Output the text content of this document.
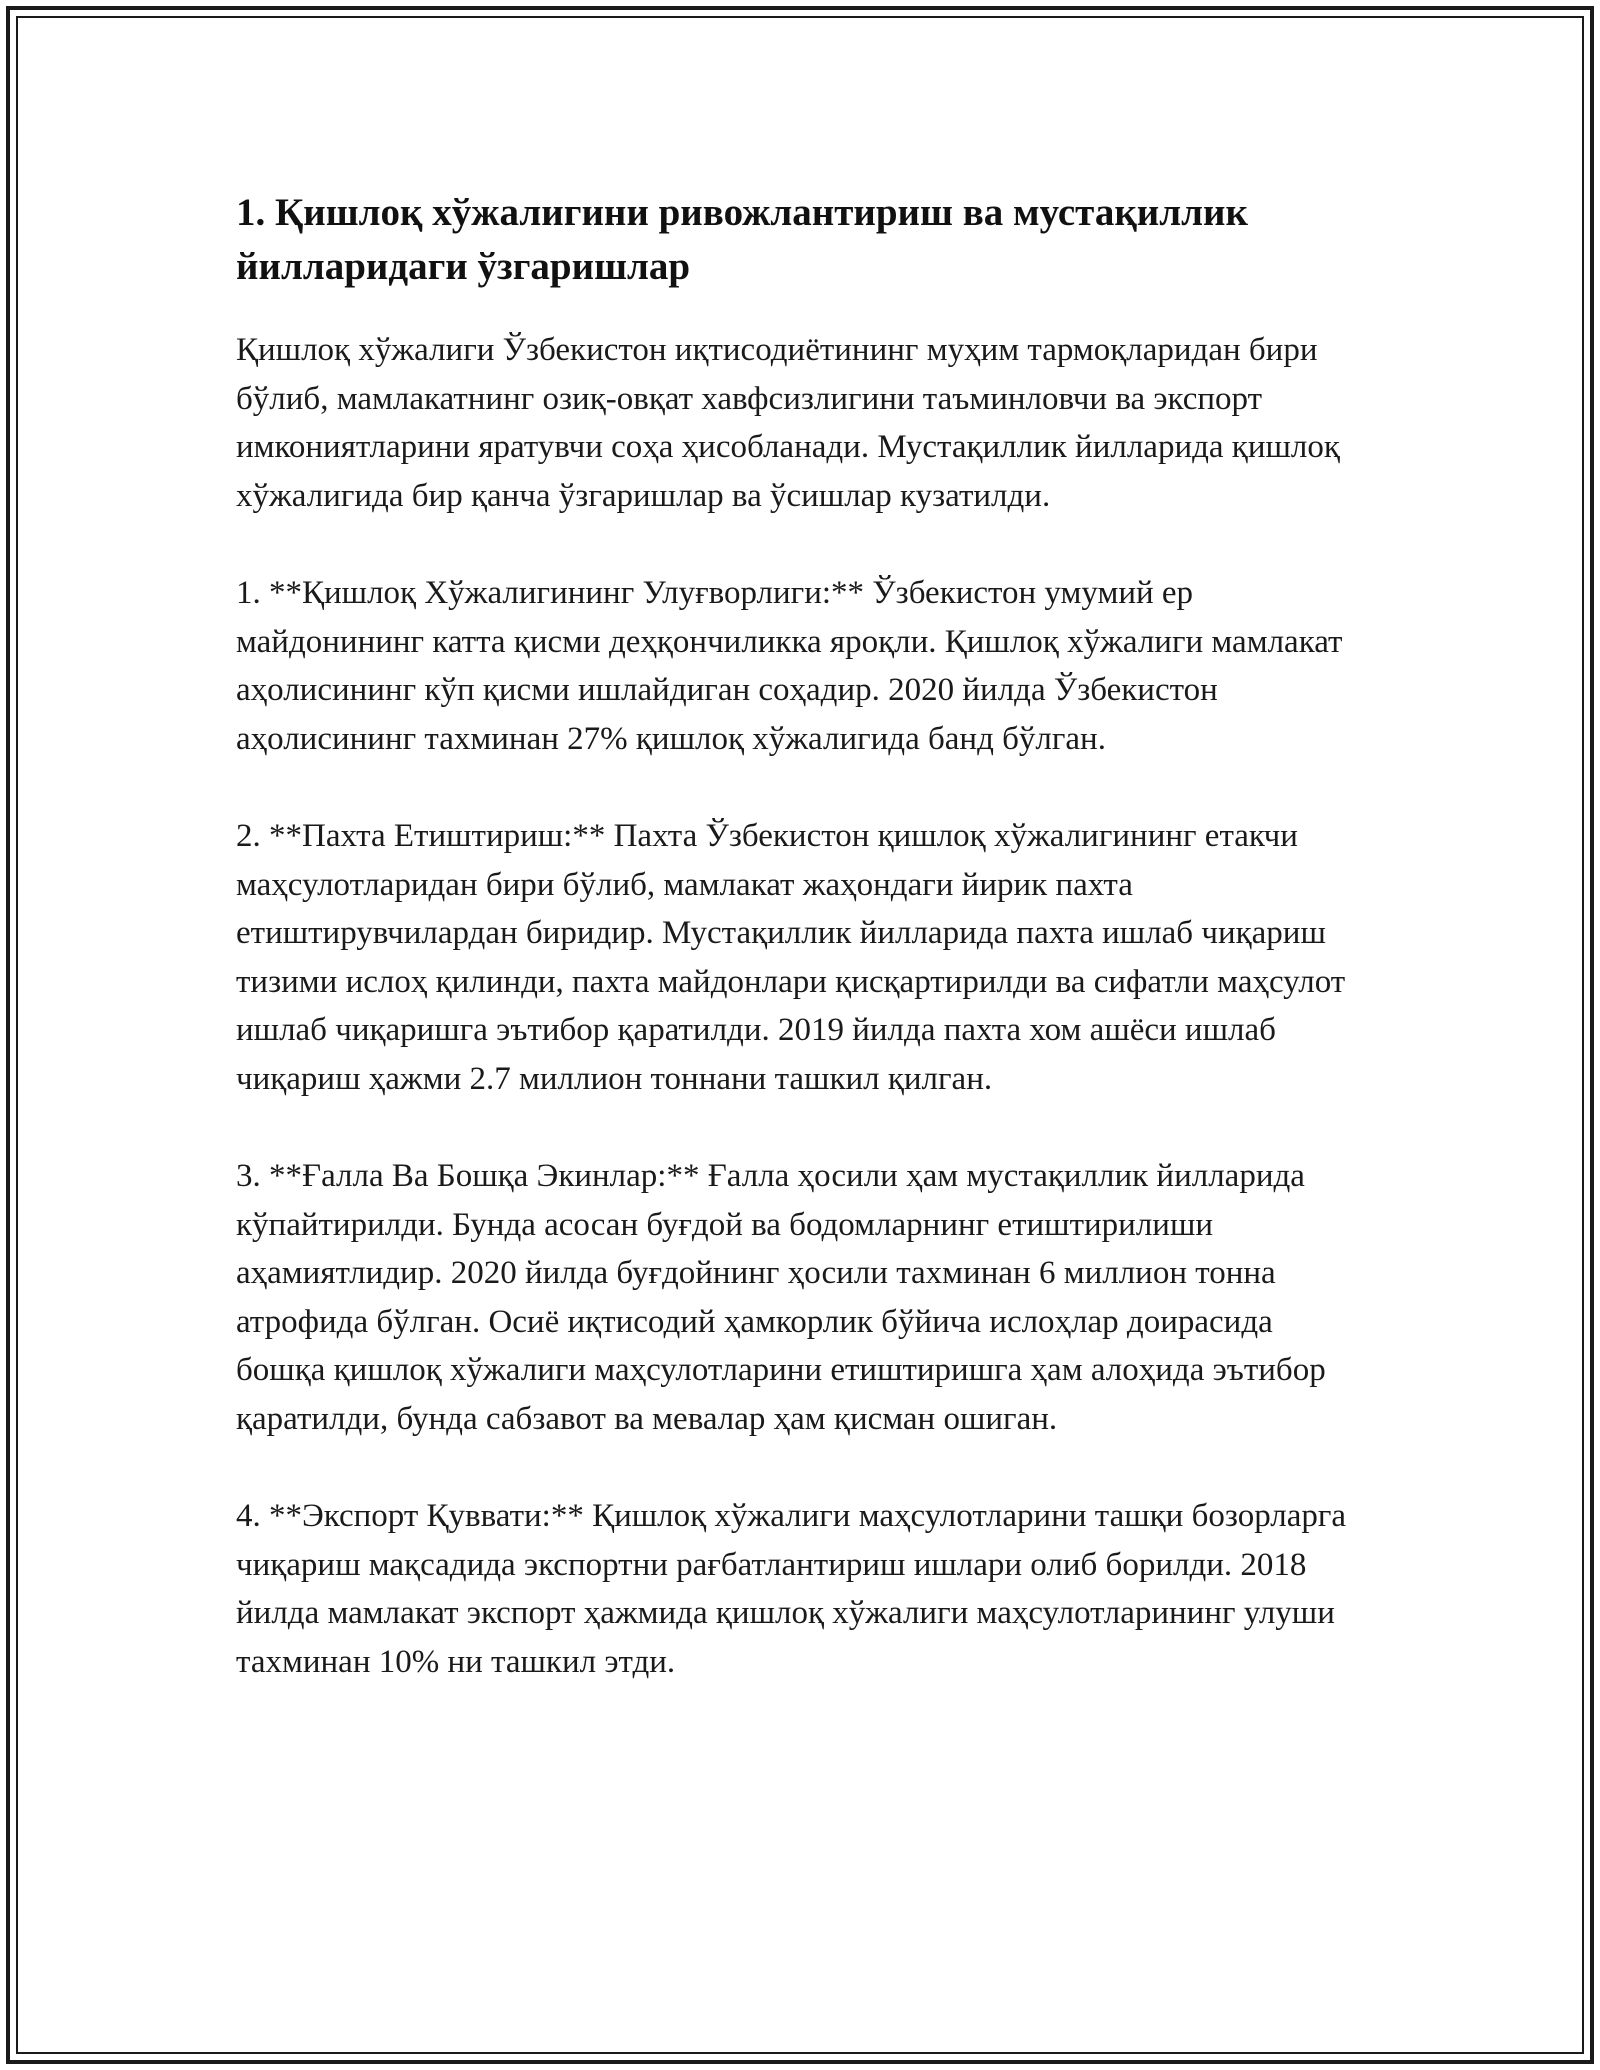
1. Қишлоқ хўжалигини ривожлантириш ва мустақиллик йилларидаги ўзгаришлар

Қишлоқ хўжалиги Ўзбекистон иқтисодиётининг муҳим тармоқларидан бири бўлиб, мамлакатнинг озиқ-овқат хавфсизлигини таъминловчи ва экспорт имкониятларини яратувчи соҳа ҳисобланади. Мустақиллик йилларида қишлоқ хўжалигида бир қанча ўзгаришлар ва ўсишлар кузатилди.

1. **Қишлоқ Хўжалигининг Улуғворлиги:** Ўзбекистон умумий ер майдонининг катта қисми деҳқончиликка яроқли. Қишлоқ хўжалиги мамлакат аҳолисининг кўп қисми ишлайдиган соҳадир. 2020 йилда Ўзбекистон аҳолисининг тахминан 27% қишлоқ хўжалигида банд бўлган.

2. **Пахта Етиштириш:** Пахта Ўзбекистон қишлоқ хўжалигининг етакчи маҳсулотларидан бири бўлиб, мамлакат жаҳондаги йирик пахта етиштирувчилардан биридир. Мустақиллик йилларида пахта ишлаб чиқариш тизими ислоҳ қилинди, пахта майдонлари қисқартирилди ва сифатли маҳсулот ишлаб чиқаришга эътибор қаратилди. 2019 йилда пахта хом ашёси ишлаб чиқариш ҳажми 2.7 миллион тоннани ташкил қилган.

3. **Ғалла Ва Бошқа Экинлар:** Ғалла ҳосили ҳам мустақиллик йилларида кўпайтирилди. Бунда асосан буғдой ва бодомларнинг етиштирилиши аҳамиятлидир. 2020 йилда буғдойнинг ҳосили тахминан 6 миллион тонна атрофида бўлган. Осиё иқтисодий ҳамкорлик бўйича ислоҳлар доирасида бошқа қишлоқ хўжалиги маҳсулотларини етиштиришга ҳам алоҳида эътибор қаратилди, бунда сабзавот ва мевалар ҳам қисман ошиган.

4. **Экспорт Қуввати:** Қишлоқ хўжалиги маҳсулотларини ташқи бозорларга чиқариш мақсадида экспортни рағбатлантириш ишлари олиб борилди. 2018 йилда мамлакат экспорт ҳажмида қишлоқ хўжалиги маҳсулотларининг улуши тахминан 10% ни ташкил этди.
